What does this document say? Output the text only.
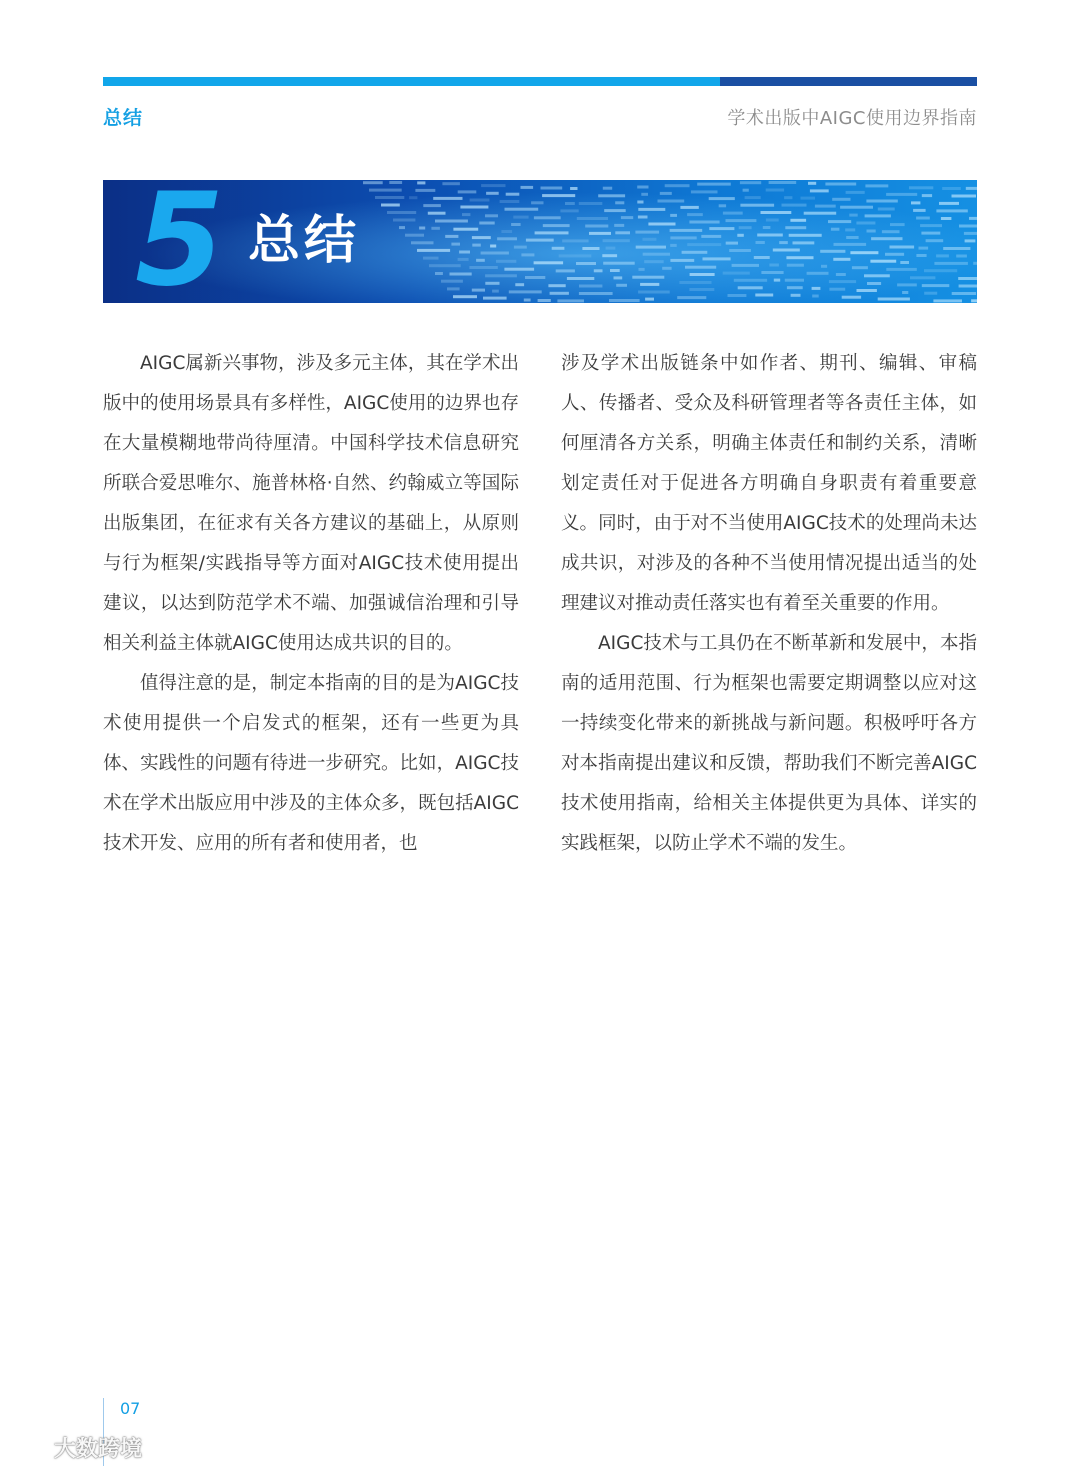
总结	学术出版中AIGC使用边界指南
5 总结

AIGC属新兴事物，涉及多元主体，其在学术出版中的使用场景具有多样性，AIGC使用的边界也存在大量模糊地带尚待厘清。中国科学技术信息研究所联合爱思唯尔、施普林格·自然、约翰威立等国际出版集团，在征求有关各方建议的基础上，从原则与行为框架/实践指导等方面对AIGC技术使用提出建议，以达到防范学术不端、加强诚信治理和引导相关利益主体就AIGC使用达成共识的目的。

值得注意的是，制定本指南的目的是为AIGC技术使用提供一个启发式的框架，还有一些更为具体、实践性的问题有待进一步研究。比如，AIGC技术在学术出版应用中涉及的主体众多，既包括AIGC技术开发、应用的所有者和使用者，也

涉及学术出版链条中如作者、期刊、编辑、审稿人、传播者、受众及科研管理者等各责任主体，如何厘清各方关系，明确主体责任和制约关系，清晰划定责任对于促进各方明确自身职责有着重要意义。同时，由于对不当使用AIGC技术的处理尚未达成共识，对涉及的各种不当使用情况提出适当的处理建议对推动责任落实也有着至关重要的作用。

AIGC技术与工具仍在不断革新和发展中，本指南的适用范围、行为框架也需要定期调整以应对这一持续变化带来的新挑战与新问题。积极呼吁各方对本指南提出建议和反馈，帮助我们不断完善AIGC技术使用指南，给相关主体提供更为具体、详实的实践框架，以防止学术不端的发生。

07
大数跨境
